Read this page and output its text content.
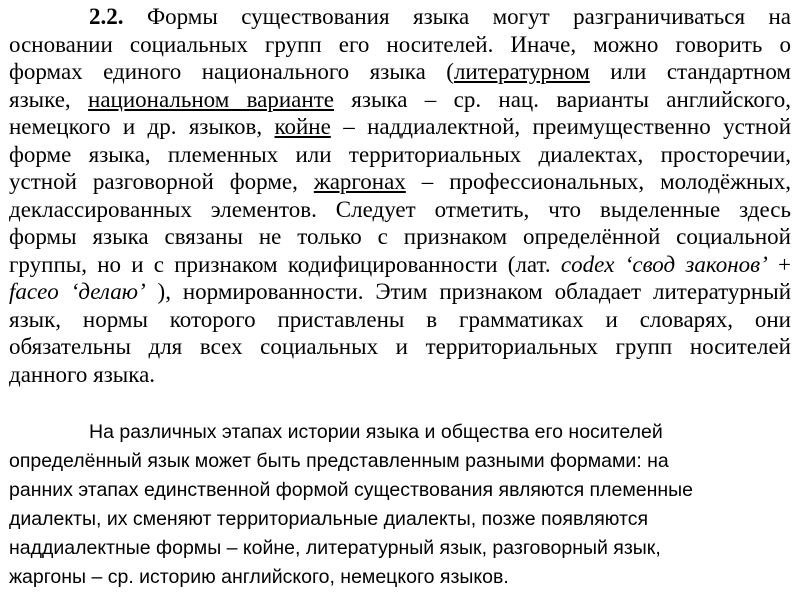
2.2. Формы существования языка могут разграничиваться на
основании социальных групп его носителей. Иначе, можно говорить о
формах единого национального языка (литературном или стандартном
языке, национальном варианте языка – ср. нац. варианты английского,
немецкого и др. языков, койне – наддиалектной, преимущественно устной
форме языка, племенных или территориальных диалектах, просторечии,
устной разговорной форме, жаргонах – профессиональных, молодёжных,
деклассированных элементов. Следует отметить, что выделенные здесь
формы языка связаны не только с признаком определённой социальной
группы, но и с признаком кодифицированности (лат. codex ‘свод законов’ +
faceo ‘делаю’ ), нормированности. Этим признаком обладает литературный
язык, нормы которого приставлены в грамматиках и словарях, они
обязательны для всех социальных и территориальных групп носителей
данного языка.
На различных этапах истории языка и общества его носителей
определённый язык может быть представленным разными формами: на
ранних этапах единственной формой существования являются племенные
диалекты, их сменяют территориальные диалекты, позже появляются
наддиалектные формы – койне, литературный язык, разговорный язык,
жаргоны – ср. историю английского, немецкого языков.
